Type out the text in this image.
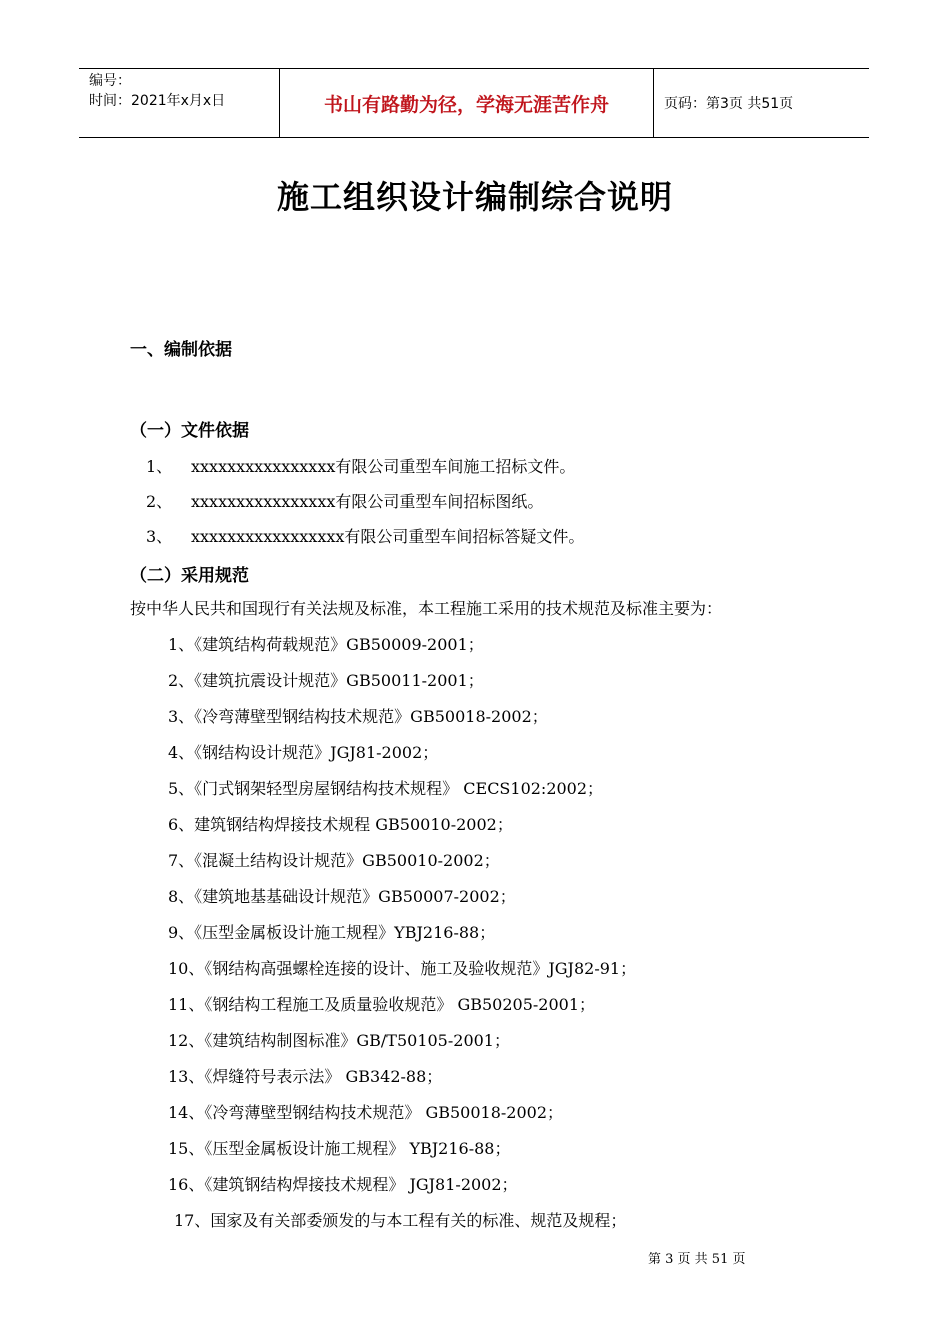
编号：
时间：2021年x月x日	书山有路勤为径，学海无涯苦作舟	页码：第3页 共51页
施工组织设计编制综合说明
一、编制依据
（一）文件依据
1、 xxxxxxxxxxxxxxxx有限公司重型车间施工招标文件。
2、 xxxxxxxxxxxxxxxx有限公司重型车间招标图纸。
3、 xxxxxxxxxxxxxxxxx有限公司重型车间招标答疑文件。
（二）采用规范
按中华人民共和国现行有关法规及标准，本工程施工采用的技术规范及标准主要为：
1、《建筑结构荷载规范》GB50009-2001；
2、《建筑抗震设计规范》GB50011-2001；
3、《冷弯薄壁型钢结构技术规范》GB50018-2002；
4、《钢结构设计规范》JGJ81-2002；
5、《门式钢架轻型房屋钢结构技术规程》 CECS102:2002；
6、建筑钢结构焊接技术规程 GB50010-2002；
7、《混凝土结构设计规范》GB50010-2002；
8、《建筑地基基础设计规范》GB50007-2002；
9、《压型金属板设计施工规程》YBJ216-88；
10、《钢结构高强螺栓连接的设计、施工及验收规范》JGJ82-91；
11、《钢结构工程施工及质量验收规范》 GB50205-2001；
12、《建筑结构制图标准》GB/T50105-2001；
13、《焊缝符号表示法》 GB342-88；
14、《冷弯薄壁型钢结构技术规范》 GB50018-2002；
15、《压型金属板设计施工规程》 YBJ216-88；
16、《建筑钢结构焊接技术规程》 JGJ81-2002；
17、国家及有关部委颁发的与本工程有关的标准、规范及规程；
第 3 页 共 51 页
